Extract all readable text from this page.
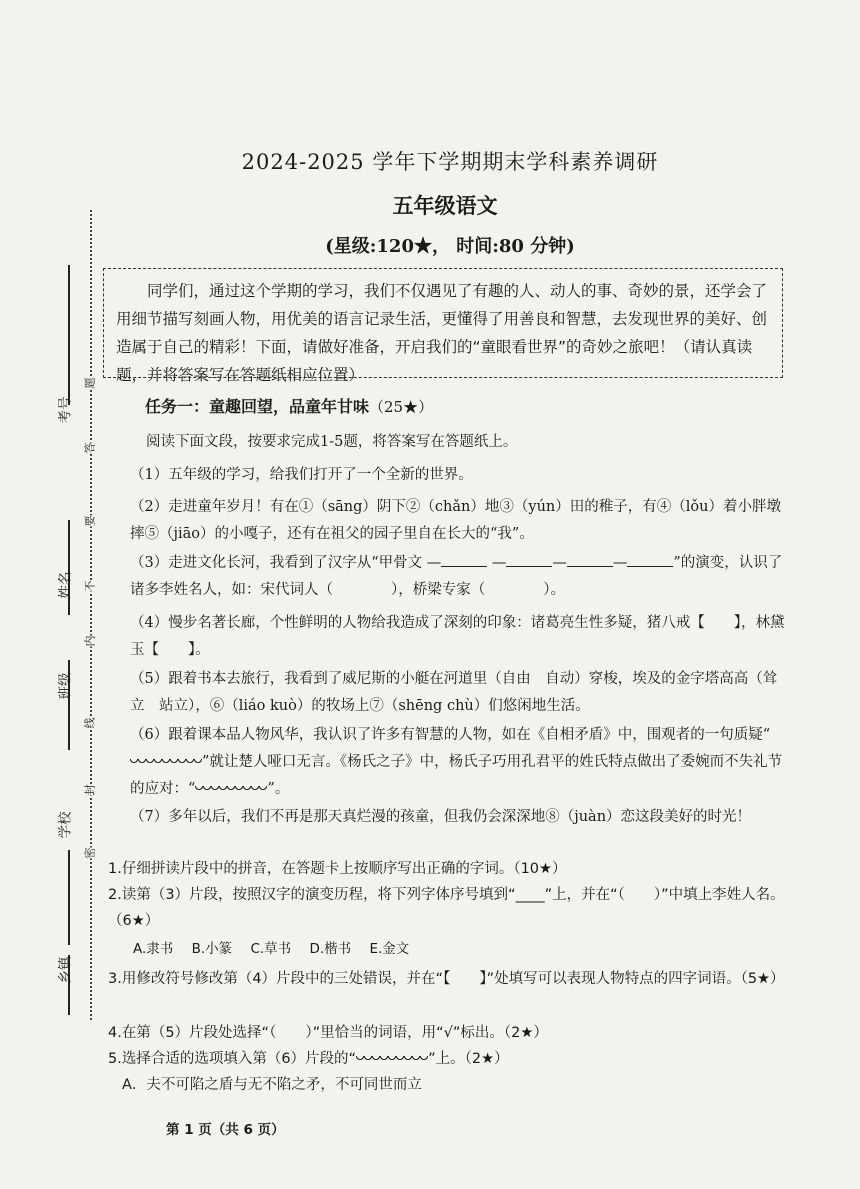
考号
姓名
班级
学校
乡镇
题
答
要
不
内
线
封
密
2024-2025 学年下学期期末学科素养调研
五年级语文
(星级:120★， 时间:80 分钟)

同学们，通过这个学期的学习，我们不仅遇见了有趣的人、动人的事、奇妙的景，还学会了用细节描写刻画人物，用优美的语言记录生活，更懂得了用善良和智慧，去发现世界的美好、创造属于自己的精彩！下面，请做好准备，开启我们的“童眼看世界”的奇妙之旅吧！（请认真读题，并将答案写在答题纸相应位置）

任务一：童趣回望，品童年甘味（25★）
阅读下面文段，按要求完成1-5题，将答案写在答题纸上。
（1）五年级的学习，给我们打开了一个全新的世界。
（2）走进童年岁月！有在①（sāng）阴下②（chǎn）地③（yún）田的稚子，有④（lǒu）着小胖墩摔⑤（jiāo）的小嘎子，还有在祖父的园子里自在长大的“我”。
（3）走进文化长河，我看到了汉字从“甲骨文 —	—	—	—	”的演变，认识了诸多李姓名人，如：宋代词人（　　　　），桥梁专家（　　　　）。
（4）慢步名著长廊，个性鲜明的人物给我造成了深刻的印象：诸葛亮生性多疑，猪八戒【　　】，林黛玉【　　】。
（5）跟着书本去旅行，我看到了威尼斯的小艇在河道里（自由　自动）穿梭，埃及的金字塔高高（耸立　站立），⑥（liáo kuò）的牧场上⑦（shēng chù）们悠闲地生活。
（6）跟着课本品人物风华，我认识了许多有智慧的人物，如在《自相矛盾》中，围观者的一句质疑“”就让楚人哑口无言。《杨氏之子》中，杨氏子巧用孔君平的姓氏特点做出了委婉而不失礼节的应对：“	”。
（7）多年以后，我们不再是那天真烂漫的孩童，但我仍会深深地⑧（juàn）恋这段美好的时光！
1.仔细拼读片段中的拼音，在答题卡上按顺序写出正确的字词。（10★）
2.读第（3）片段，按照汉字的演变历程，将下列字体序号填到“____”上，并在“（　　）”中填上李姓人名。（6★）
A.隶书 B.小篆 C.草书 D.楷书 E.金文
3.用修改符号修改第（4）片段中的三处错误，并在“【　　】”处填写可以表现人物特点的四字词语。（5★）
4.在第（5）片段处选择“（　　）”里恰当的词语，用“√”标出。（2★）
5.选择合适的选项填入第（6）片段的“	”上。（2★）
A．夫不可陷之盾与无不陷之矛，不可同世而立
第 1 页（共 6 页）
